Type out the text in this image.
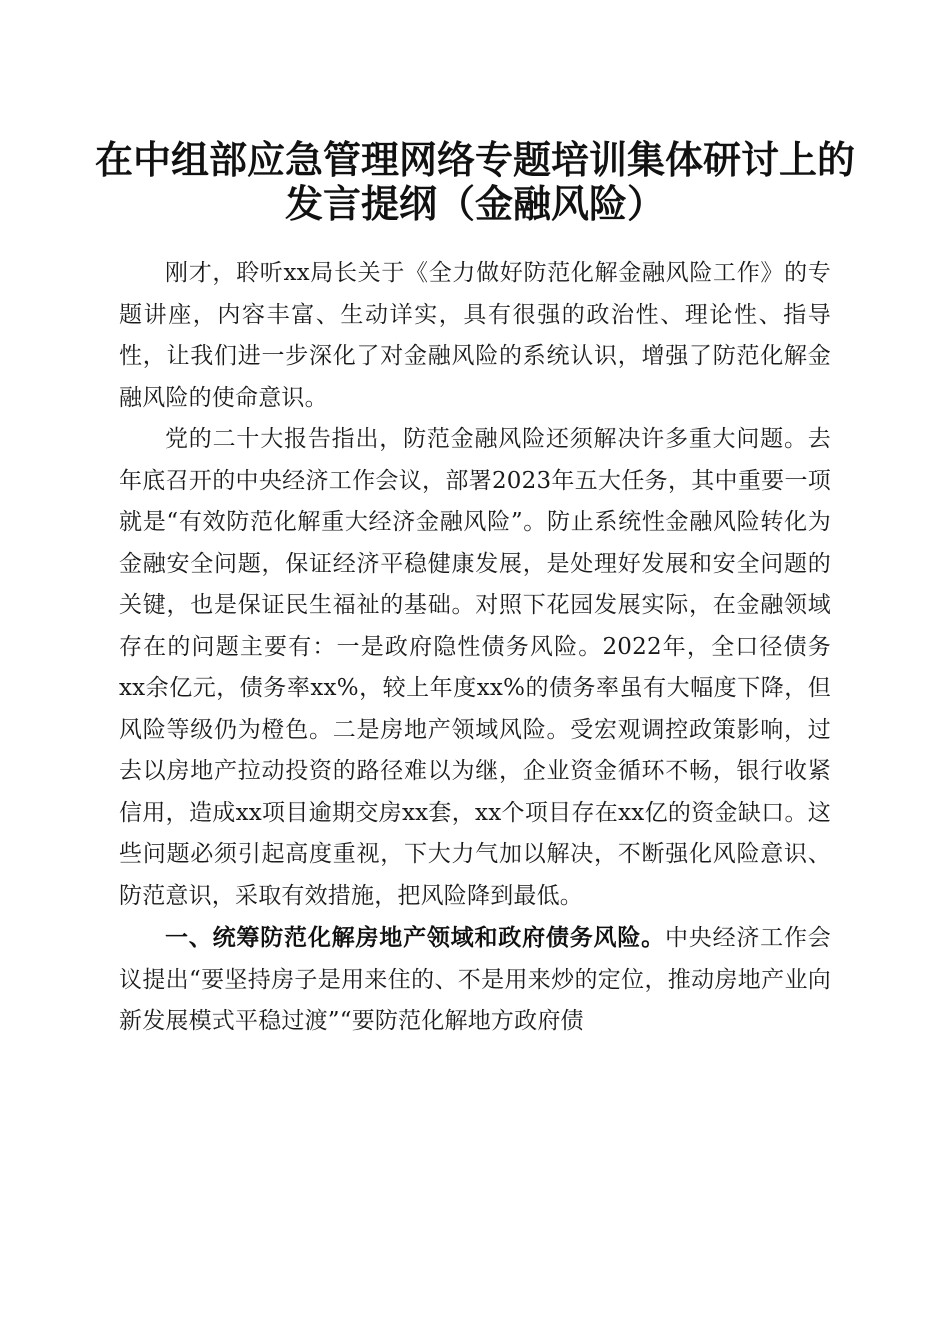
在中组部应急管理网络专题培训集体研讨上的
发言提纲（金融风险）

刚才，聆听xx局长关于《全力做好防范化解金融风险工作》的专题讲座，内容丰富、生动详实，具有很强的政治性、理论性、指导性，让我们进一步深化了对金融风险的系统认识，增强了防范化解金融风险的使命意识。

党的二十大报告指出，防范金融风险还须解决许多重大问题。去年底召开的中央经济工作会议，部署2023年五大任务，其中重要一项就是“有效防范化解重大经济金融风险”。防止系统性金融风险转化为金融安全问题，保证经济平稳健康发展，是处理好发展和安全问题的关键，也是保证民生福祉的基础。对照下花园发展实际，在金融领域存在的问题主要有：一是政府隐性债务风险。2022年，全口径债务xx余亿元，债务率xx%，较上年度xx%的债务率虽有大幅度下降，但风险等级仍为橙色。二是房地产领域风险。受宏观调控政策影响，过去以房地产拉动投资的路径难以为继，企业资金循环不畅，银行收紧信用，造成xx项目逾期交房xx套，xx个项目存在xx亿的资金缺口。这些问题必须引起高度重视，下大力气加以解决，不断强化风险意识、防范意识，采取有效措施，把风险降到最低。

一、统筹防范化解房地产领域和政府债务风险。中央经济工作会议提出“要坚持房子是用来住的、不是用来炒的定位，推动房地产业向新发展模式平稳过渡”“要防范化解地方政府债
